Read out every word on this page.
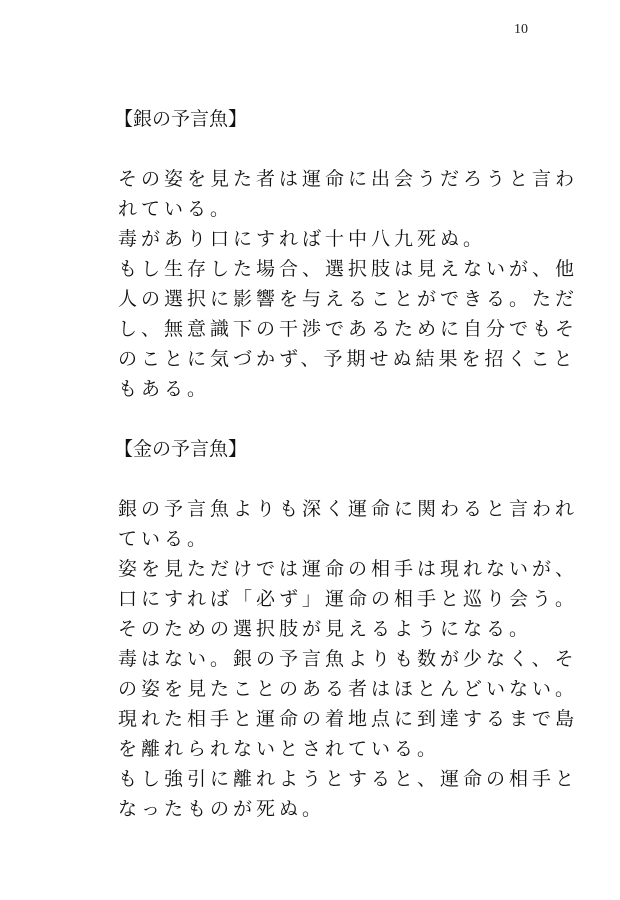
10
【銀の予言魚】
その姿を見た者は運命に出会うだろうと言わ
れている。
毒があり口にすれば十中八九死ぬ。
もし生存した場合、選択肢は見えないが、他
人の選択に影響を与えることができる。ただ
し、無意識下の干渉であるために自分でもそ
のことに気づかず、予期せぬ結果を招くこと
もある。
【金の予言魚】
銀の予言魚よりも深く運命に関わると言われ
ている。
姿を見ただけでは運命の相手は現れないが、
口にすれば「必ず」運命の相手と巡り会う。
そのための選択肢が見えるようになる。
毒はない。銀の予言魚よりも数が少なく、そ
の姿を見たことのある者はほとんどいない。
現れた相手と運命の着地点に到達するまで島
を離れられないとされている。
もし強引に離れようとすると、運命の相手と
なったものが死ぬ。
